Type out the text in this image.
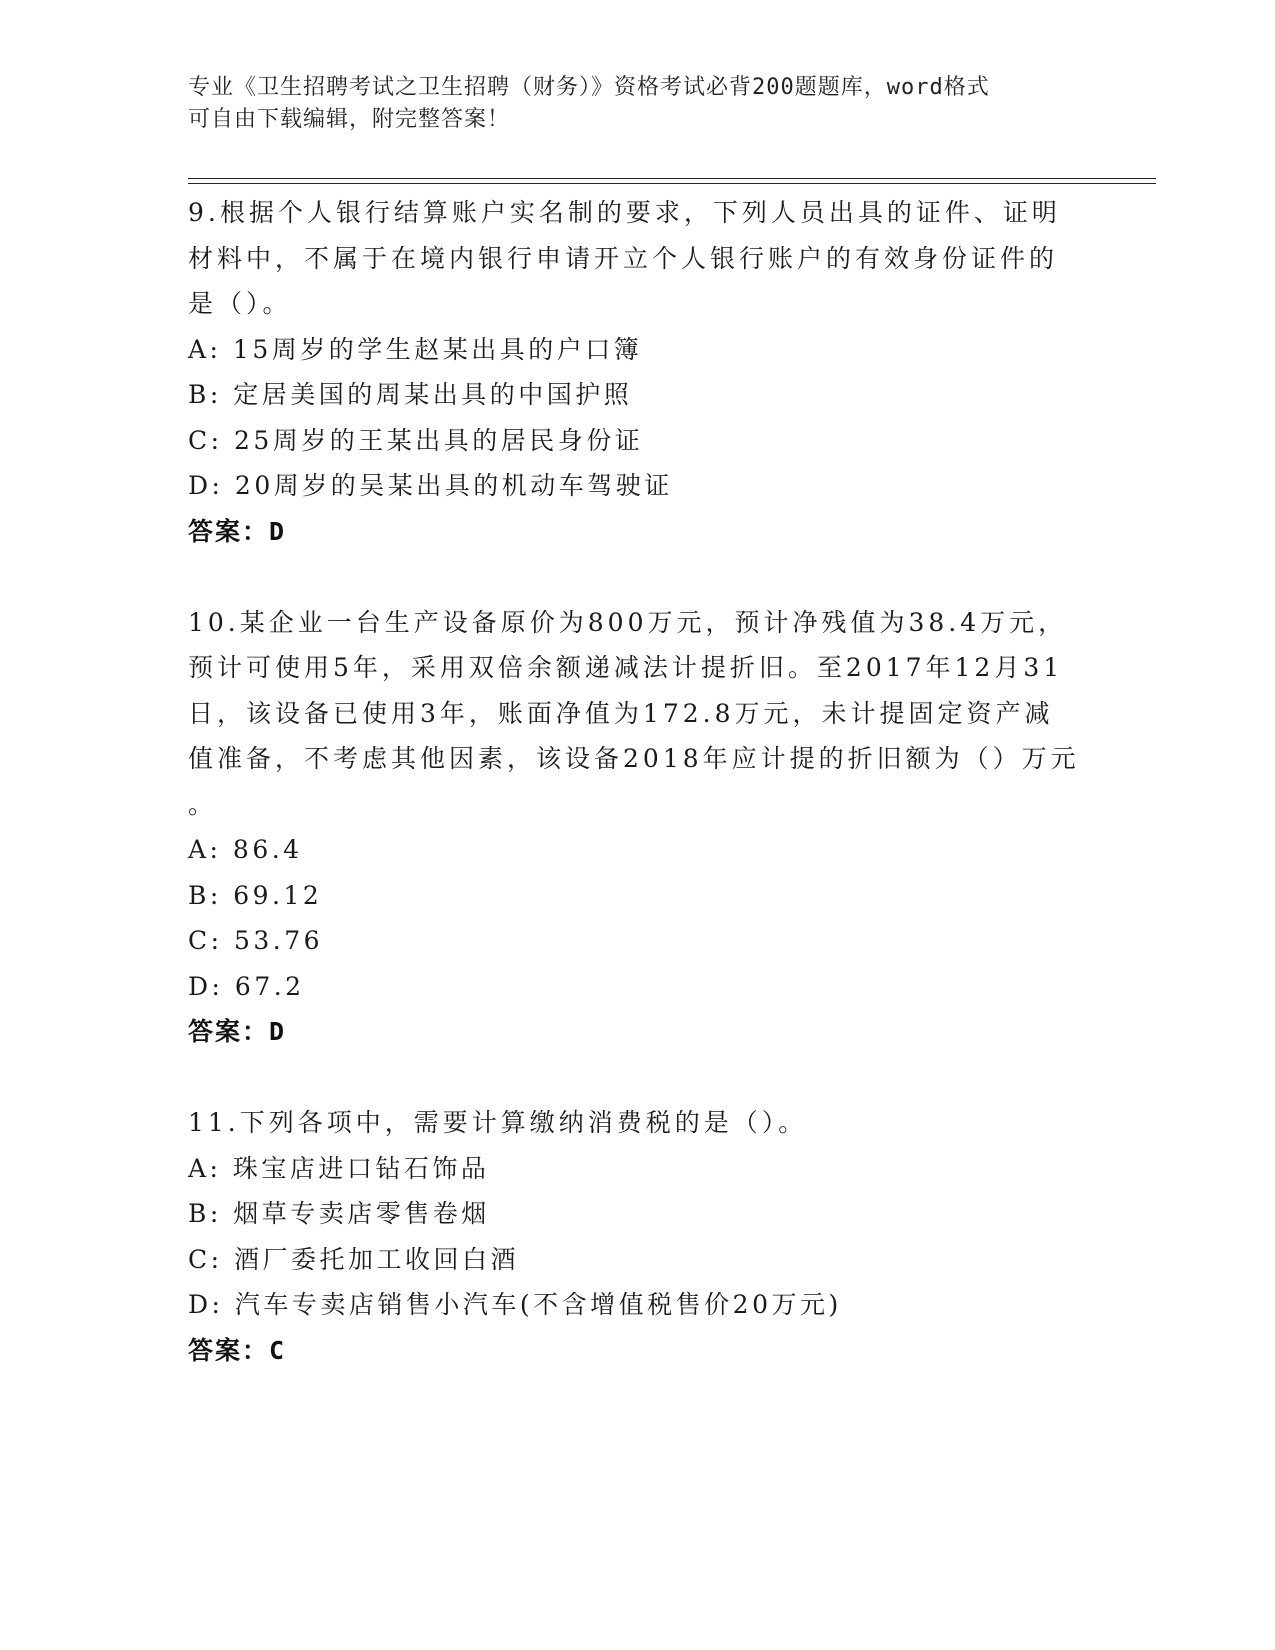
专业《卫生招聘考试之卫生招聘（财务）》资格考试必背200题题库，word格式
可自由下载编辑，附完整答案！
9.根据个人银行结算账户实名制的要求，下列人员出具的证件、证明
材料中，不属于在境内银行申请开立个人银行账户的有效身份证件的
是（）。
A: 15周岁的学生赵某出具的户口簿
B: 定居美国的周某出具的中国护照
C: 25周岁的王某出具的居民身份证
D: 20周岁的吴某出具的机动车驾驶证
答案：D
10.某企业一台生产设备原价为800万元，预计净残值为38.4万元，
预计可使用5年，采用双倍余额递减法计提折旧。至2017年12月31
日，该设备已使用3年，账面净值为172.8万元，未计提固定资产减
值准备，不考虑其他因素，该设备2018年应计提的折旧额为（）万元
。
A: 86.4
B: 69.12
C: 53.76
D: 67.2
答案：D
11.下列各项中，需要计算缴纳消费税的是（）。
A: 珠宝店进口钻石饰品
B: 烟草专卖店零售卷烟
C: 酒厂委托加工收回白酒
D: 汽车专卖店销售小汽车(不含增值税售价20万元)
答案：C
